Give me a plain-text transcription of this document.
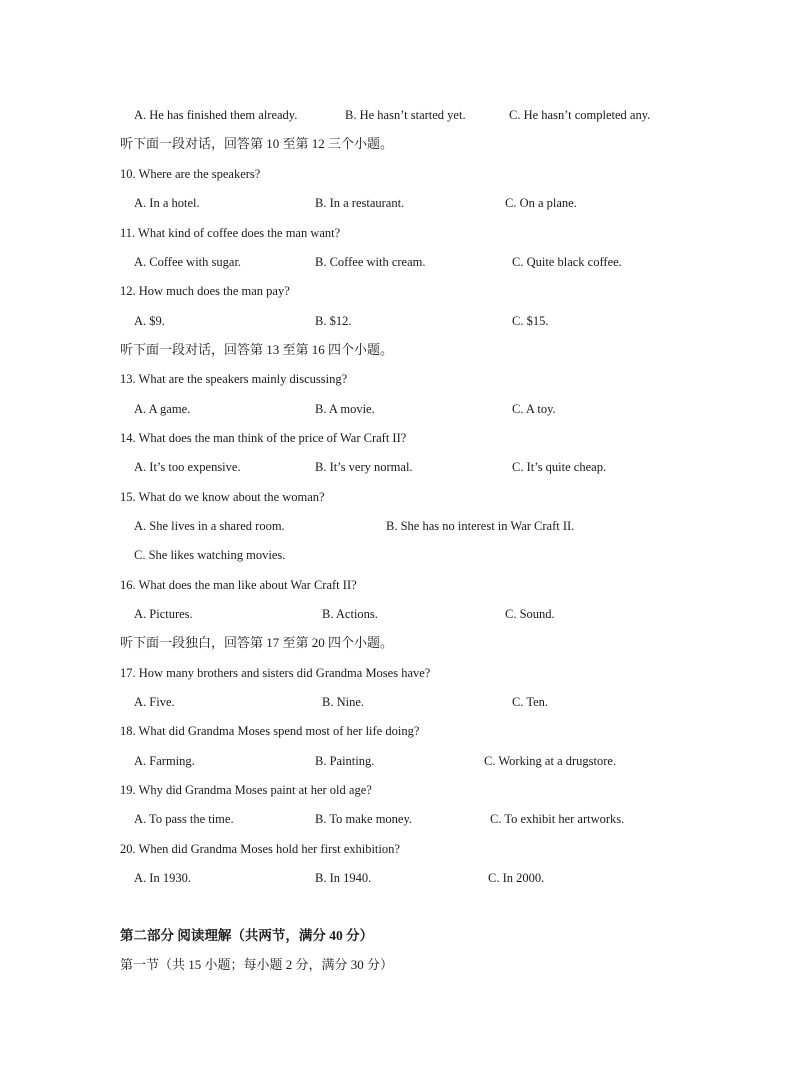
A. He has finished them already.	B. He hasn’t started yet.	C. He hasn’t completed any.
听下面一段对话，回答第 10 至第 12 三个小题。
10. Where are the speakers?
A. In a hotel.	B. In a restaurant.	C. On a plane.
11. What kind of coffee does the man want?
A. Coffee with sugar.	B. Coffee with cream.	C. Quite black coffee.
12. How much does the man pay?
A. $9.	B. $12.	C. $15.
听下面一段对话，回答第 13 至第 16 四个小题。
13. What are the speakers mainly discussing?
A. A game.	B. A movie.	C. A toy.
14. What does the man think of the price of War Craft II?
A. It’s too expensive.	B. It’s very normal.	C. It’s quite cheap.
15. What do we know about the woman?
A. She lives in a shared room.	B. She has no interest in War Craft II.
C. She likes watching movies.
16. What does the man like about War Craft II?
A. Pictures.	B. Actions.	C. Sound.
听下面一段独白，回答第 17 至第 20 四个小题。
17. How many brothers and sisters did Grandma Moses have?
A. Five.	B. Nine.	C. Ten.
18. What did Grandma Moses spend most of her life doing?
A. Farming.	B. Painting.	C. Working at a drugstore.
19. Why did Grandma Moses paint at her old age?
A. To pass the time.	B. To make money.	C. To exhibit her artworks.
20. When did Grandma Moses hold her first exhibition?
A. In 1930.	B. In 1940.	C. In 2000.
第二部分 阅读理解（共两节，满分 40 分）
第一节（共 15 小题；每小题 2 分，满分 30 分）
